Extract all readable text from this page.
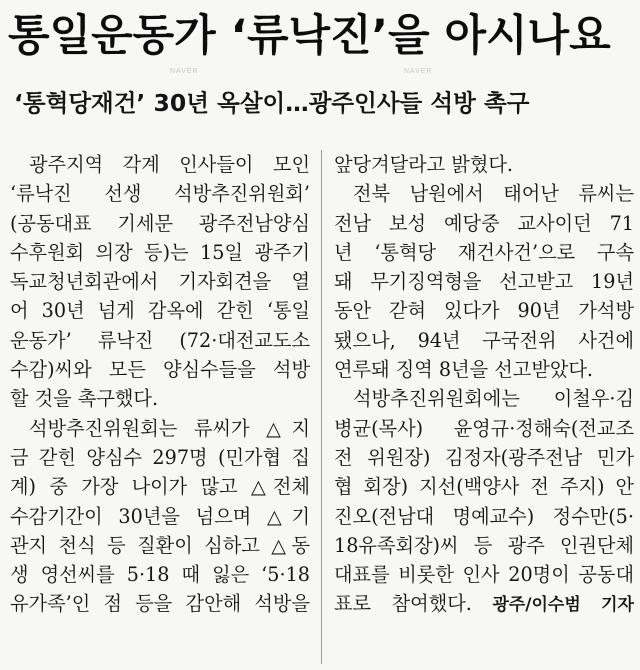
통일운동가 ‘류낙진’을 아시나요
NAVER	NAVER
‘통혁당재건’ 30년 옥살이…광주인사들 석방 촉구
광주지역 각계 인사들이 모인
‘류낙진 선생 석방추진위원회’
(공동대표 기세문 광주전남양심
수후원회 의장 등)는 15일 광주기
독교청년회관에서 기자회견을 열
어 30년 넘게 감옥에 갇힌 ‘통일
운동가’ 류낙진 (72·대전교도소
수감)씨와 모든 양심수들을 석방
할 것을 촉구했다.
석방추진위원회는 류씨가 △지
금 갇힌 양심수 297명 (민가협 집
계) 중 가장 나이가 많고 △전체
수감기간이 30년을 넘으며 △기
관지 천식 등 질환이 심하고 △동
생 영선씨를 5·18 때 잃은 ‘5·18
유가족’인 점 등을 감안해 석방을
앞당겨달라고 밝혔다.
전북 남원에서 태어난 류씨는
전남 보성 예당중 교사이던 71
년 ‘통혁당 재건사건’으로 구속
돼 무기징역형을 선고받고 19년
동안 갇혀 있다가 90년 가석방
됐으나, 94년 구국전위 사건에
연루돼 징역 8년을 선고받았다.
석방추진위원회에는 이철우·김
병균(목사) 윤영규·정해숙(전교조
전 위원장) 김정자(광주전남 민가
협 회장) 지선(백양사 전 주지) 안
진오(전남대 명예교수) 정수만(5·
18유족회장)씨 등 광주 인권단체
대표를 비롯한 인사 20명이 공동대
표로 참여했다. 광주/이수범 기자
